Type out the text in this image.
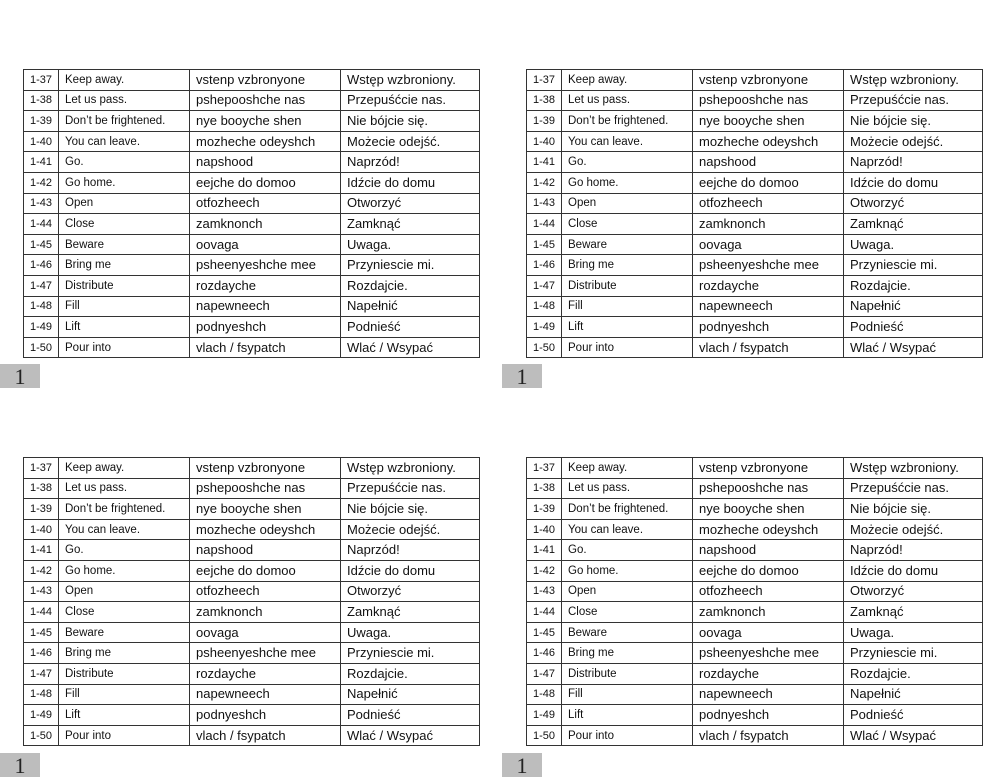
1-37	Keep away.	vstenp vzbronyone	Wstęp wzbroniony.
1-38	Let us pass.	pshepooshche nas	Przepuśćcie nas.
1-39	Don’t be frightened.	nye booyche shen	Nie bójcie się.
1-40	You can leave.	mozheche odeyshch	Możecie odejść.
1-41	Go.	napshood	Naprzód!
1-42	Go home.	eejche do domoo	Idźcie do domu
1-43	Open	otfozheech	Otworzyć
1-44	Close	zamknonch	Zamknąć
1-45	Beware	oovaga	Uwaga.
1-46	Bring me	psheenyeshche mee	Przyniescie mi.
1-47	Distribute	rozdayche	Rozdajcie.
1-48	Fill	napewneech	Napełnić
1-49	Lift	podnyeshch	Podnieść
1-50	Pour into	vlach / fsypatch	Wlać / Wsypać
1
1-37	Keep away.	vstenp vzbronyone	Wstęp wzbroniony.
1-38	Let us pass.	pshepooshche nas	Przepuśćcie nas.
1-39	Don’t be frightened.	nye booyche shen	Nie bójcie się.
1-40	You can leave.	mozheche odeyshch	Możecie odejść.
1-41	Go.	napshood	Naprzód!
1-42	Go home.	eejche do domoo	Idźcie do domu
1-43	Open	otfozheech	Otworzyć
1-44	Close	zamknonch	Zamknąć
1-45	Beware	oovaga	Uwaga.
1-46	Bring me	psheenyeshche mee	Przyniescie mi.
1-47	Distribute	rozdayche	Rozdajcie.
1-48	Fill	napewneech	Napełnić
1-49	Lift	podnyeshch	Podnieść
1-50	Pour into	vlach / fsypatch	Wlać / Wsypać
1
1-37	Keep away.	vstenp vzbronyone	Wstęp wzbroniony.
1-38	Let us pass.	pshepooshche nas	Przepuśćcie nas.
1-39	Don’t be frightened.	nye booyche shen	Nie bójcie się.
1-40	You can leave.	mozheche odeyshch	Możecie odejść.
1-41	Go.	napshood	Naprzód!
1-42	Go home.	eejche do domoo	Idźcie do domu
1-43	Open	otfozheech	Otworzyć
1-44	Close	zamknonch	Zamknąć
1-45	Beware	oovaga	Uwaga.
1-46	Bring me	psheenyeshche mee	Przyniescie mi.
1-47	Distribute	rozdayche	Rozdajcie.
1-48	Fill	napewneech	Napełnić
1-49	Lift	podnyeshch	Podnieść
1-50	Pour into	vlach / fsypatch	Wlać / Wsypać
1
1-37	Keep away.	vstenp vzbronyone	Wstęp wzbroniony.
1-38	Let us pass.	pshepooshche nas	Przepuśćcie nas.
1-39	Don’t be frightened.	nye booyche shen	Nie bójcie się.
1-40	You can leave.	mozheche odeyshch	Możecie odejść.
1-41	Go.	napshood	Naprzód!
1-42	Go home.	eejche do domoo	Idźcie do domu
1-43	Open	otfozheech	Otworzyć
1-44	Close	zamknonch	Zamknąć
1-45	Beware	oovaga	Uwaga.
1-46	Bring me	psheenyeshche mee	Przyniescie mi.
1-47	Distribute	rozdayche	Rozdajcie.
1-48	Fill	napewneech	Napełnić
1-49	Lift	podnyeshch	Podnieść
1-50	Pour into	vlach / fsypatch	Wlać / Wsypać
1
